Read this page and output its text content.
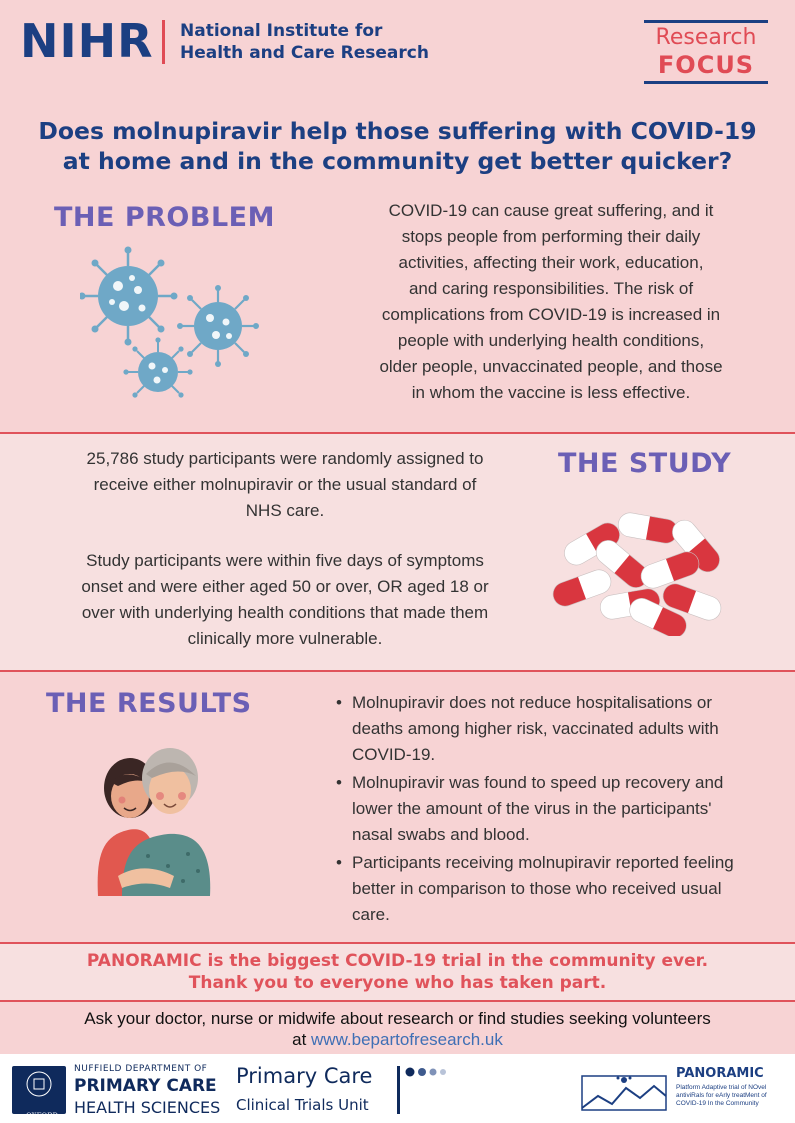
NIHR National Institute for
Health and Care Research
Research
FOCUS
Does molnupiravir help those suffering with COVID-19
at home and in the community get better quicker?
THE PROBLEM	COVID-19 can cause great suffering, and it
stops people from performing their daily
activities, affecting their work, education,
and caring responsibilities. The risk of
complications from COVID-19 is increased in
people with underlying health conditions,
older people, unvaccinated people, and those
in whom the vaccine is less effective.
25,786 study participants were randomly assigned to
receive either molnupiravir or the usual standard of
NHS care.
Study participants were within five days of symptoms
onset and were either aged 50 or over, OR aged 18 or
over with underlying health conditions that made them
clinically more vulnerable.
THE STUDY
THE RESULTS
•	Molnupiravir does not reduce hospitalisations or deaths among higher risk, vaccinated adults with COVID-19.
• Molnupiravir was found to speed up recovery and lower the amount of the virus in the participants' nasal swabs and blood.
• Participants receiving molnupiravir reported feeling better in comparison to those who received usual care.
PANORAMIC is the biggest COVID-19 trial in the community ever.
Thank you to everyone who has taken part.
Ask your doctor, nurse or midwife about research or find studies seeking volunteers
at www.bepartofresearch.uk
OXFORD
NUFFIELD DEPARTMENT OF
PRIMARY CARE
HEALTH SCIENCES
Primary Care
Clinical Trials Unit
PANORAMIC
Platform Adaptive trial of NOvel antiviRals for eArly treatMent of COVID-19 In the Community
